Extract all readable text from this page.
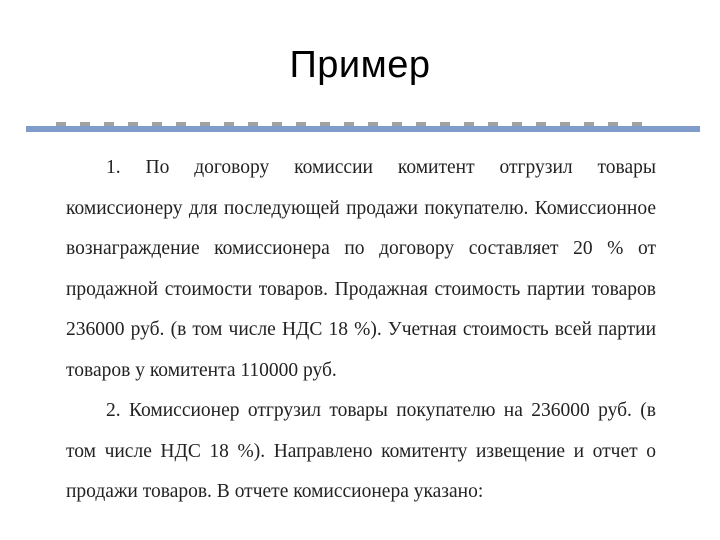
Пример

1. По договору комиссии комитент отгрузил товары комиссионеру для последующей продажи покупателю. Комиссионное вознаграждение комиссионера по договору составляет 20 % от продажной стоимости товаров. Продажная стоимость партии товаров 236000 руб. (в том числе НДС 18 %). Учетная стоимость всей партии товаров у комитента 110000 руб.

2. Комиссионер отгрузил товары покупателю на 236000 руб. (в том числе НДС 18 %). Направлено комитенту извещение и отчет о продажи товаров. В отчете комиссионера указано:
